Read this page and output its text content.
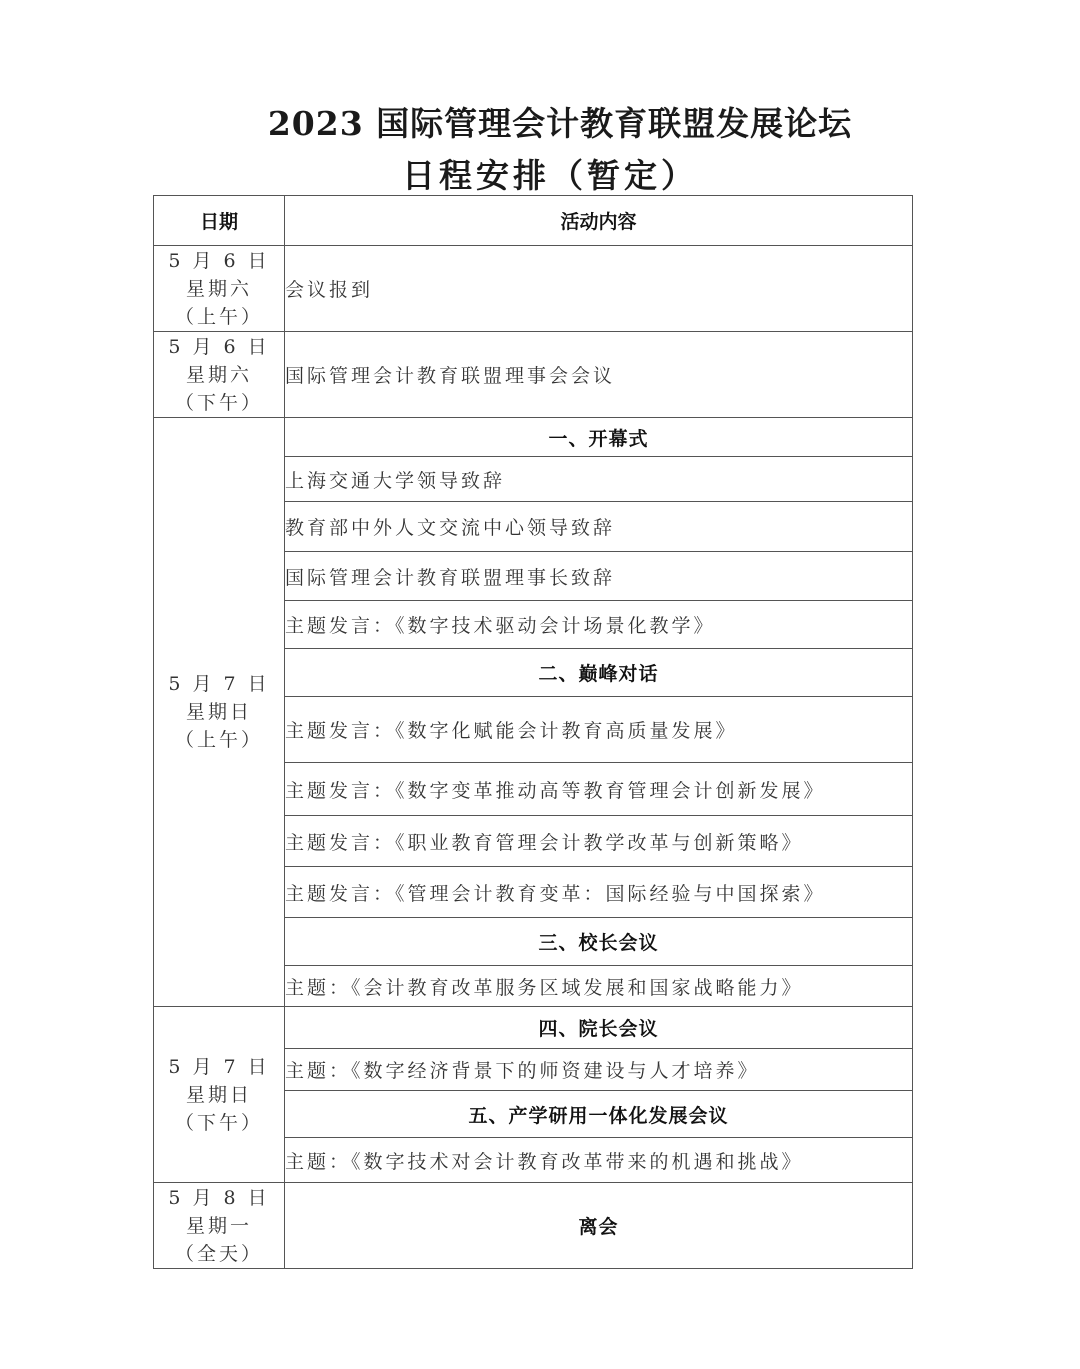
2023 国际管理会计教育联盟发展论坛
日程安排（暂定）
日期	活动内容

5 月 6 日
星期六
（上午）	会议报到

5 月 6 日
星期六
（下午）	国际管理会计教育联盟理事会会议

5 月 7 日
星期日
（上午）	一、开幕式
	上海交通大学领导致辞
	教育部中外人文交流中心领导致辞
	国际管理会计教育联盟理事长致辞
	主题发言：《数字技术驱动会计场景化教学》
	二、巅峰对话
	主题发言：《数字化赋能会计教育高质量发展》
	主题发言：《数字变革推动高等教育管理会计创新发展》
	主题发言：《职业教育管理会计教学改革与创新策略》
	主题发言：《管理会计教育变革：国际经验与中国探索》
	三、校长会议
	主题：《会计教育改革服务区域发展和国家战略能力》

5 月 7 日
星期日
（下午）	四、院长会议
	主题：《数字经济背景下的师资建设与人才培养》
	五、产学研用一体化发展会议
	主题：《数字技术对会计教育改革带来的机遇和挑战》

5 月 8 日
星期一
（全天）	离会
